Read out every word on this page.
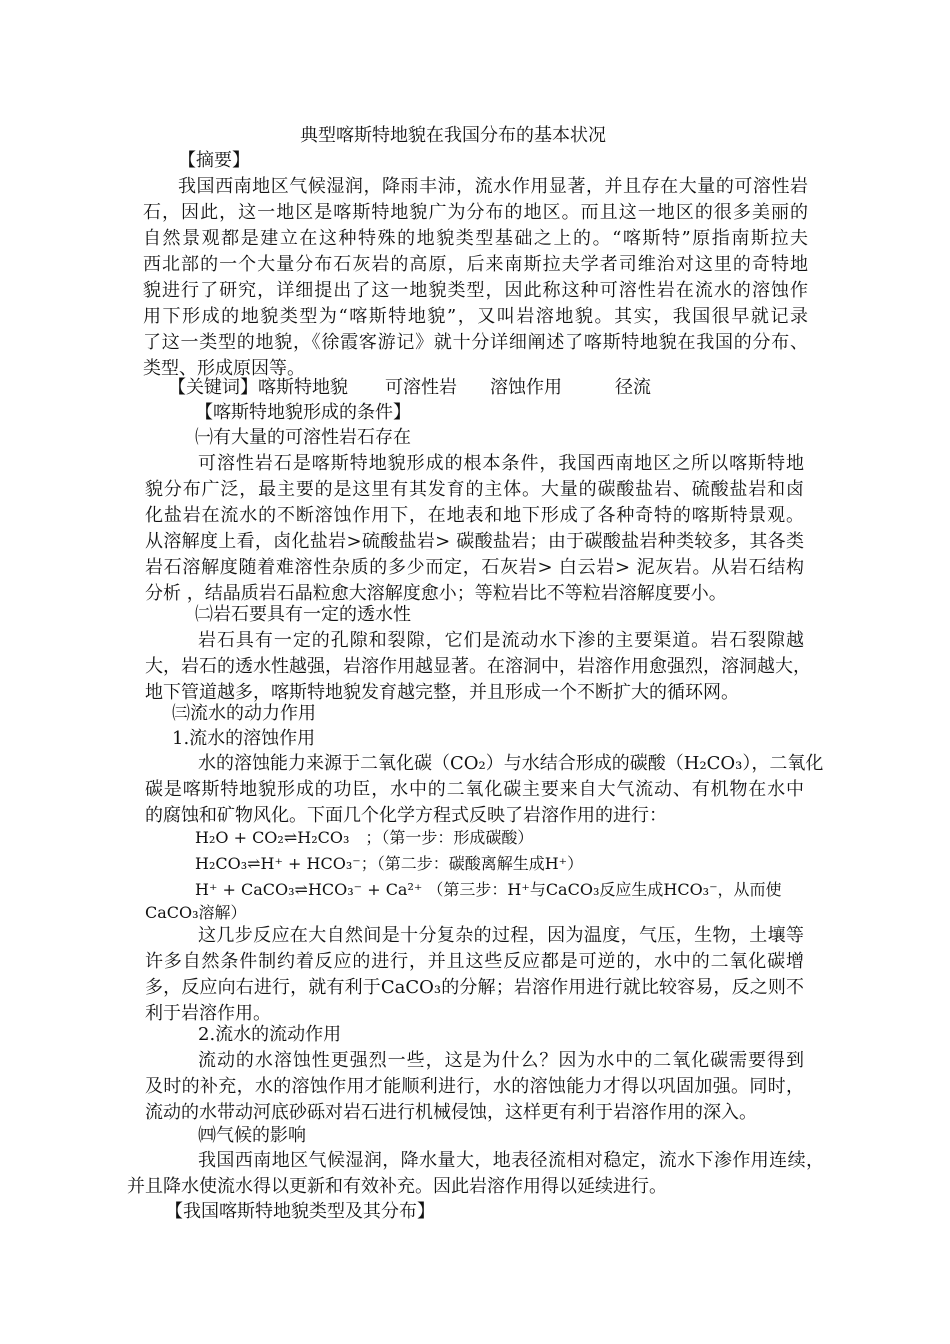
典型喀斯特地貌在我国分布的基本状况
【摘要】
我国西南地区气候湿润，降雨丰沛，流水作用显著，并且存在大量的可溶性岩
石，因此，这一地区是喀斯特地貌广为分布的地区。而且这一地区的很多美丽的
自然景观都是建立在这种特殊的地貌类型基础之上的。“喀斯特”原指南斯拉夫
西北部的一个大量分布石灰岩的高原，后来南斯拉夫学者司维治对这里的奇特地
貌进行了研究，详细提出了这一地貌类型，因此称这种可溶性岩在流水的溶蚀作
用下形成的地貌类型为“喀斯特地貌”，又叫岩溶地貌。其实，我国很早就记录
了这一类型的地貌，《徐霞客游记》就十分详细阐述了喀斯特地貌在我国的分布、
类型、形成原因等。
【关键词】 喀斯特地貌 可溶性岩 溶蚀作用	径流
【喀斯特地貌形成的条件】
㈠有大量的可溶性岩石存在
可溶性岩石是喀斯特地貌形成的根本条件，我国西南地区之所以喀斯特地
貌分布广泛，最主要的是这里有其发育的主体。大量的碳酸盐岩、硫酸盐岩和卤
化盐岩在流水的不断溶蚀作用下，在地表和地下形成了各种奇特的喀斯特景观。
从溶解度上看，卤化盐岩>硫酸盐岩> 碳酸盐岩；由于碳酸盐岩种类较多，其各类
岩石溶解度随着难溶性杂质的多少而定，石灰岩> 白云岩> 泥灰岩。从岩石结构
分析 ，结晶质岩石晶粒愈大溶解度愈小；等粒岩比不等粒岩溶解度要小。
㈡岩石要具有一定的透水性
岩石具有一定的孔隙和裂隙，它们是流动水下渗的主要渠道。岩石裂隙越
大，岩石的透水性越强，岩溶作用越显著。在溶洞中，岩溶作用愈强烈，溶洞越大，
地下管道越多，喀斯特地貌发育越完整，并且形成一个不断扩大的循环网。
㈢流水的动力作用
1.流水的溶蚀作用
水的溶蚀能力来源于二氧化碳（CO₂）与水结合形成的碳酸（H₂CO₃），二氧化
碳是喀斯特地貌形成的功臣，水中的二氧化碳主要来自大气流动、有机物在水中
的腐蚀和矿物风化。下面几个化学方程式反映了岩溶作用的进行：
H₂O + CO₂⇌H₂CO₃　；（第一步：形成碳酸）
H₂CO₃⇌H⁺ + HCO₃⁻；（第二步：碳酸离解生成H⁺）
H⁺ + CaCO₃⇌HCO₃⁻ + Ca²⁺ （第三步：H⁺与CaCO₃反应生成HCO₃⁻，从而使
CaCO₃溶解）
这几步反应在大自然间是十分复杂的过程，因为温度，气压，生物，土壤等
许多自然条件制约着反应的进行，并且这些反应都是可逆的，水中的二氧化碳增
多，反应向右进行，就有利于CaCO₃的分解；岩溶作用进行就比较容易，反之则不
利于岩溶作用。
2.流水的流动作用
流动的水溶蚀性更强烈一些，这是为什么？因为水中的二氧化碳需要得到
及时的补充，水的溶蚀作用才能顺利进行，水的溶蚀能力才得以巩固加强。同时，
流动的水带动河底砂砾对岩石进行机械侵蚀，这样更有利于岩溶作用的深入。
㈣气候的影响
我国西南地区气候湿润，降水量大，地表径流相对稳定，流水下渗作用连续，
并且降水使流水得以更新和有效补充。因此岩溶作用得以延续进行。
【我国喀斯特地貌类型及其分布】
